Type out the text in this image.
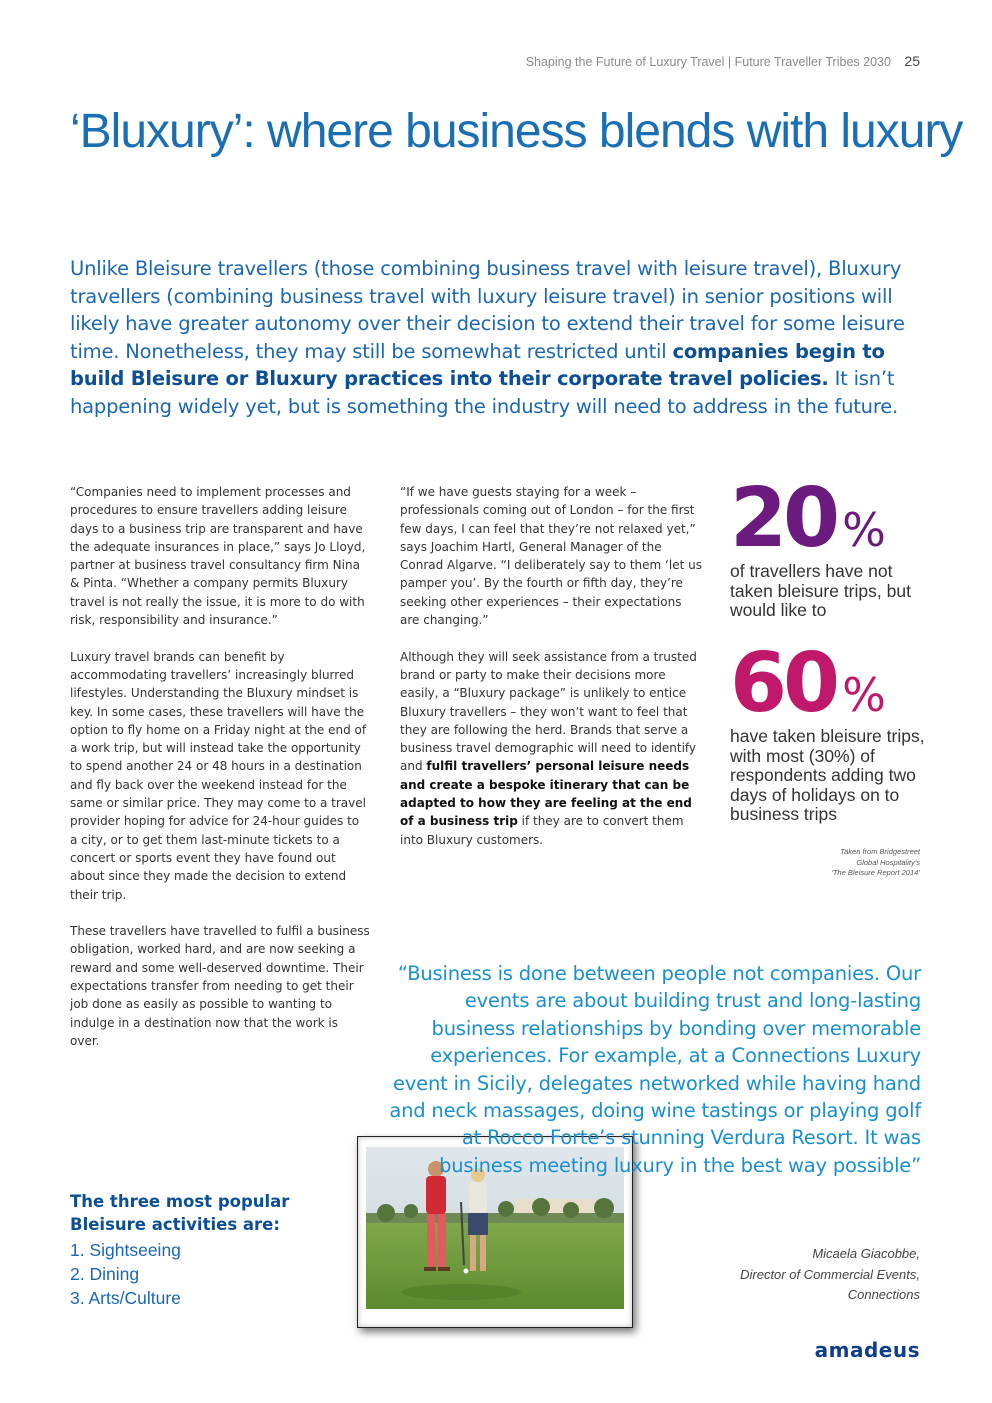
Shaping the Future of Luxury Travel | Future Traveller Tribes 2030 25
‘Bluxury’: where business blends with luxury

Unlike Bleisure travellers (those combining business travel with leisure travel), Bluxury travellers (combining business travel with luxury leisure travel) in senior positions will likely have greater autonomy over their decision to extend their travel for some leisure time. Nonetheless, they may still be somewhat restricted until companies begin to build Bleisure or Bluxury practices into their corporate travel policies. It isn’t happening widely yet, but is something the industry will need to address in the future.

“Companies need to implement processes and procedures to ensure travellers adding leisure days to a business trip are transparent and have the adequate insurances in place,” says Jo Lloyd, partner at business travel consultancy firm Nina & Pinta. “Whether a company permits Bluxury travel is not really the issue, it is more to do with risk, responsibility and insurance.”

Luxury travel brands can benefit by accommodating travellers’ increasingly blurred lifestyles. Understanding the Bluxury mindset is key. In some cases, these travellers will have the option to fly home on a Friday night at the end of a work trip, but will instead take the opportunity to spend another 24 or 48 hours in a destination and fly back over the weekend instead for the same or similar price. They may come to a travel provider hoping for advice for 24-hour guides to a city, or to get them last-minute tickets to a concert or sports event they have found out about since they made the decision to extend their trip.

These travellers have travelled to fulfil a business obligation, worked hard, and are now seeking a reward and some well-deserved downtime. Their expectations transfer from needing to get their job done as easily as possible to wanting to indulge in a destination now that the work is over.

“If we have guests staying for a week – professionals coming out of London – for the first few days, I can feel that they’re not relaxed yet,” says Joachim Hartl, General Manager of the Conrad Algarve. “I deliberately say to them ‘let us pamper you’. By the fourth or fifth day, they’re seeking other experiences – their expectations are changing.”

Although they will seek assistance from a trusted brand or party to make their decisions more easily, a “Bluxury package” is unlikely to entice Bluxury travellers – they won’t want to feel that they are following the herd. Brands that serve a business travel demographic will need to identify and fulfil travellers’ personal leisure needs and create a bespoke itinerary that can be adapted to how they are feeling at the end of a business trip if they are to convert them into Bluxury customers.

20 %
of travellers have not taken bleisure trips, but would like to
60 %
have taken bleisure trips, with most (30%) of respondents adding two days of holidays on to business trips
Taken from Bridgestreet
Global Hospitality’s
‘The Bleisure Report 2014’

“Business is done between people not companies. Our events are about building trust and long-lasting business relationships by bonding over memorable experiences. For example, at a Connections Luxury event in Sicily, delegates networked while having hand and neck massages, doing wine tastings or playing golf at Rocco Forte’s stunning Verdura Resort. It was business meeting luxury in the best way possible”

Micaela Giacobbe,
Director of Commercial Events,
Connections

The three most popular
Bleisure activities are:

1. Sightseeing
2. Dining
3. Arts/Culture
amadeus
